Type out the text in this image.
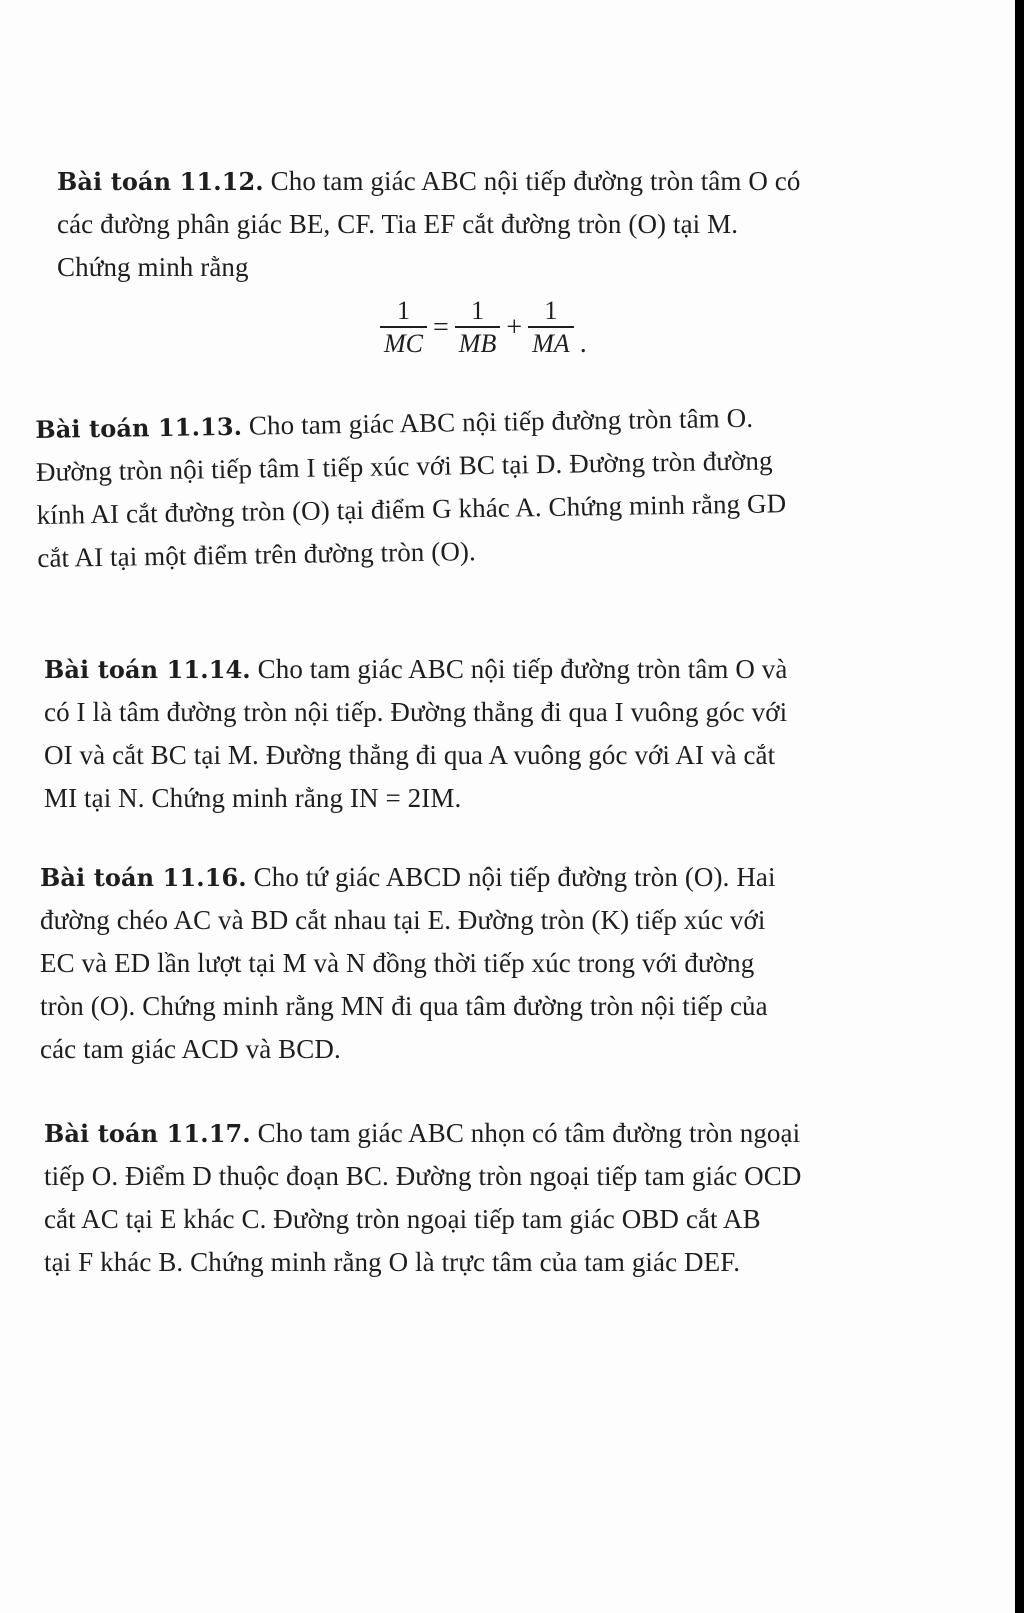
Bài toán 11.12. Cho tam giác ABC nội tiếp đường tròn tâm O có
các đường phân giác BE, CF. Tia EF cắt đường tròn (O) tại M.
Chứng minh rằng
$\frac{1}{MC} = \frac{1}{MB} + \frac{1}{MA}$ .
Bài toán 11.13. Cho tam giác ABC nội tiếp đường tròn tâm O.
Đường tròn nội tiếp tâm I tiếp xúc với BC tại D. Đường tròn đường
kính AI cắt đường tròn (O) tại điểm G khác A. Chứng minh rằng GD
cắt AI tại một điểm trên đường tròn (O).
Bài toán 11.14. Cho tam giác ABC nội tiếp đường tròn tâm O và
có I là tâm đường tròn nội tiếp. Đường thẳng đi qua I vuông góc với
OI và cắt BC tại M. Đường thẳng đi qua A vuông góc với AI và cắt
MI tại N. Chứng minh rằng IN = 2IM.
Bài toán 11.16. Cho tứ giác ABCD nội tiếp đường tròn (O). Hai
đường chéo AC và BD cắt nhau tại E. Đường tròn (K) tiếp xúc với
EC và ED lần lượt tại M và N đồng thời tiếp xúc trong với đường
tròn (O). Chứng minh rằng MN đi qua tâm đường tròn nội tiếp của
các tam giác ACD và BCD.
Bài toán 11.17. Cho tam giác ABC nhọn có tâm đường tròn ngoại
tiếp O. Điểm D thuộc đoạn BC. Đường tròn ngoại tiếp tam giác OCD
cắt AC tại E khác C. Đường tròn ngoại tiếp tam giác OBD cắt AB
tại F khác B. Chứng minh rằng O là trực tâm của tam giác DEF.
